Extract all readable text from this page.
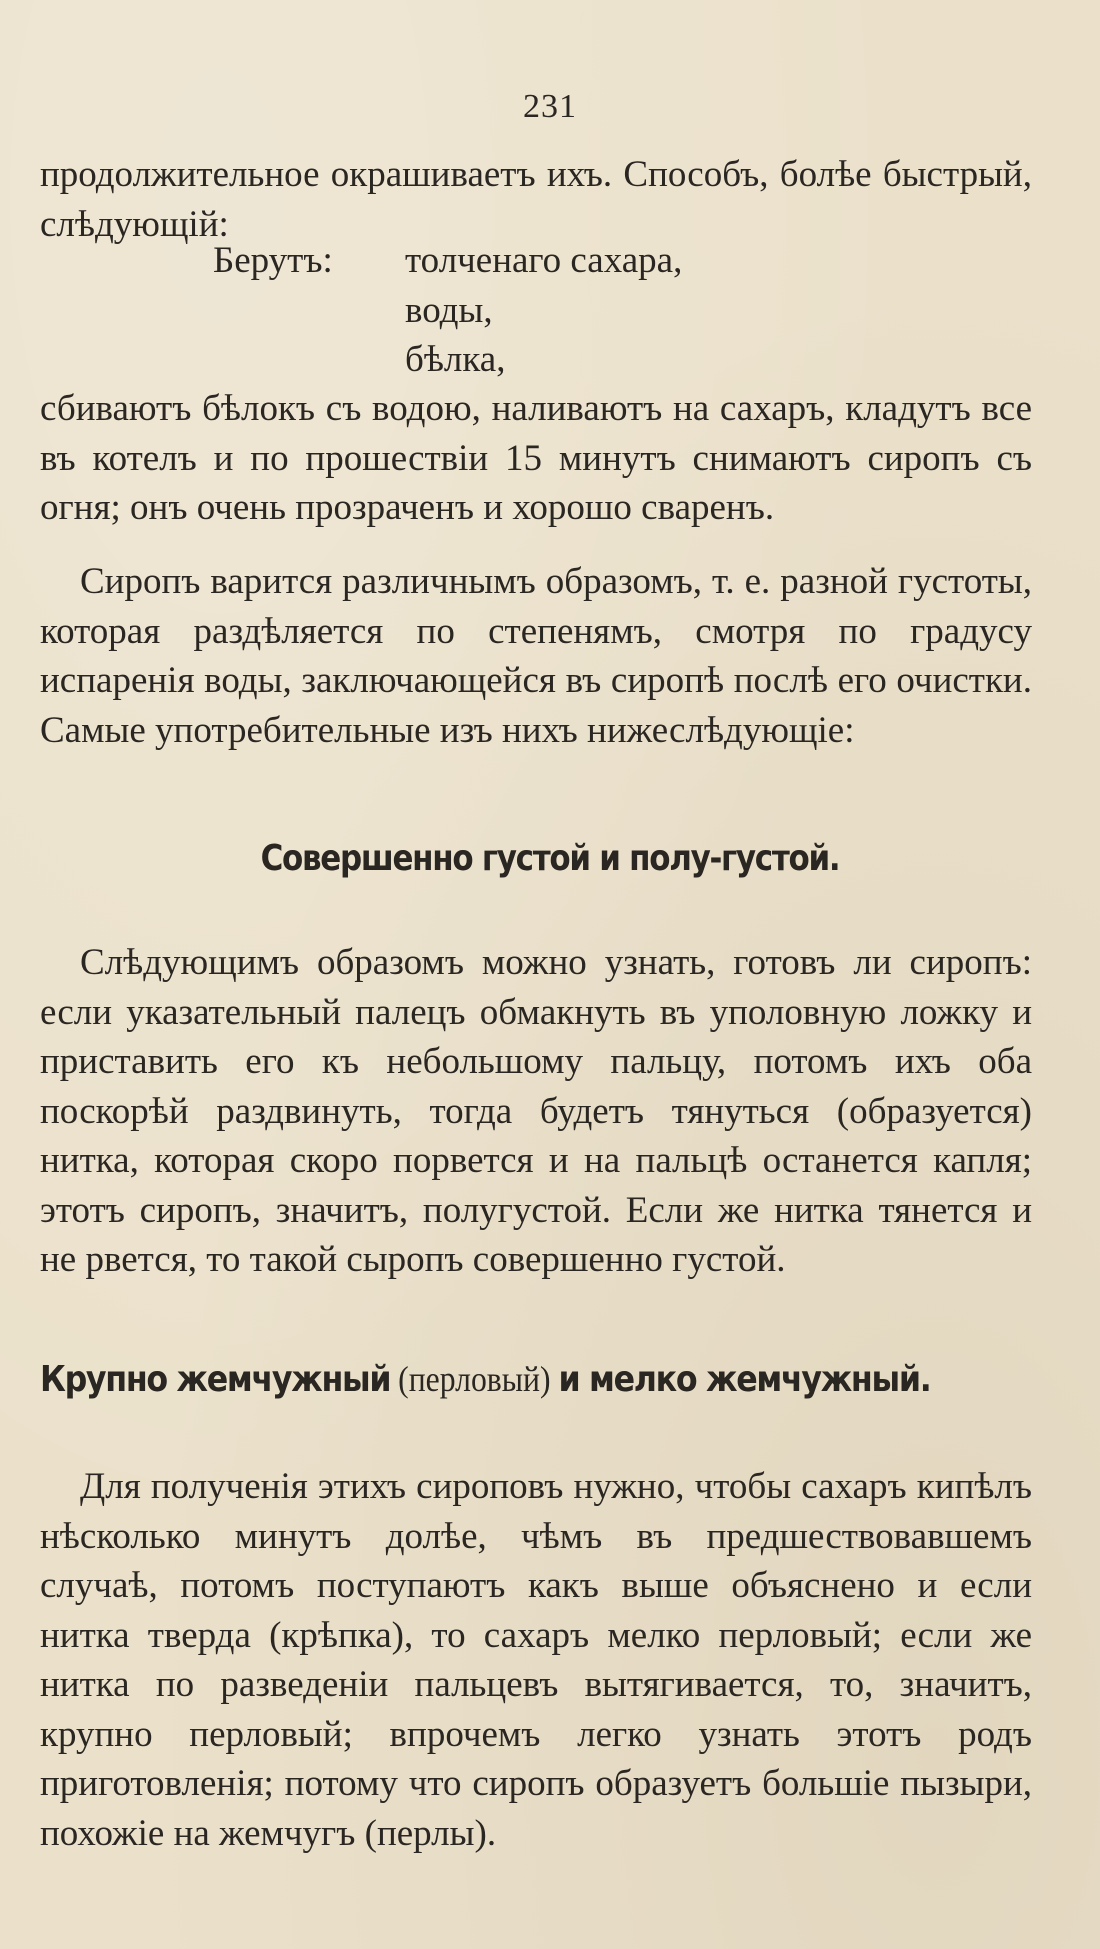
231

продолжительное окрашиваетъ ихъ. Способъ, болѣе быстрый, слѣдующій:

Берутъ:	толченаго сахара,
воды,
бѣлка,

сбиваютъ бѣлокъ съ водою, наливаютъ на сахаръ, кладутъ все въ котелъ и по прошествіи 15 минутъ снимаютъ сиропъ съ огня; онъ очень прозраченъ и хорошо сваренъ.

Сиропъ варится различнымъ образомъ, т. е. разной густоты, которая раздѣляется по степенямъ, смотря по градусу испаренія воды, заключающейся въ сиропѣ послѣ его очистки. Самые употребительные изъ нихъ нижеслѣдующіе:

Совершенно густой и полу-густой.

Слѣдующимъ образомъ можно узнать, готовъ ли сиропъ: если указательный палецъ обмакнуть въ уполовную ложку и приставить его къ небольшому пальцу, потомъ ихъ оба поскорѣй раздвинуть, тогда будетъ тянуться (образуется) нитка, которая скоро порвется и на пальцѣ останется капля; этотъ сиропъ, значитъ, полугустой. Если же нитка тянется и не рвется, то такой сыропъ совершенно густой.

Крупно жемчужный (перловый) и мелко жемчужный.

Для полученія этихъ сироповъ нужно, чтобы сахаръ кипѣлъ нѣсколько минутъ долѣе, чѣмъ въ предшествовавшемъ случаѣ, потомъ поступаютъ какъ выше объяснено и если нитка тверда (крѣпка), то сахаръ мелко перловый; если же нитка по разведеніи пальцевъ вытягивается, то, значитъ, крупно перловый; впрочемъ легко узнать этотъ родъ приготовленія; потому что сиропъ образуетъ большіе пызыри, похожіе на жемчугъ (перлы).
